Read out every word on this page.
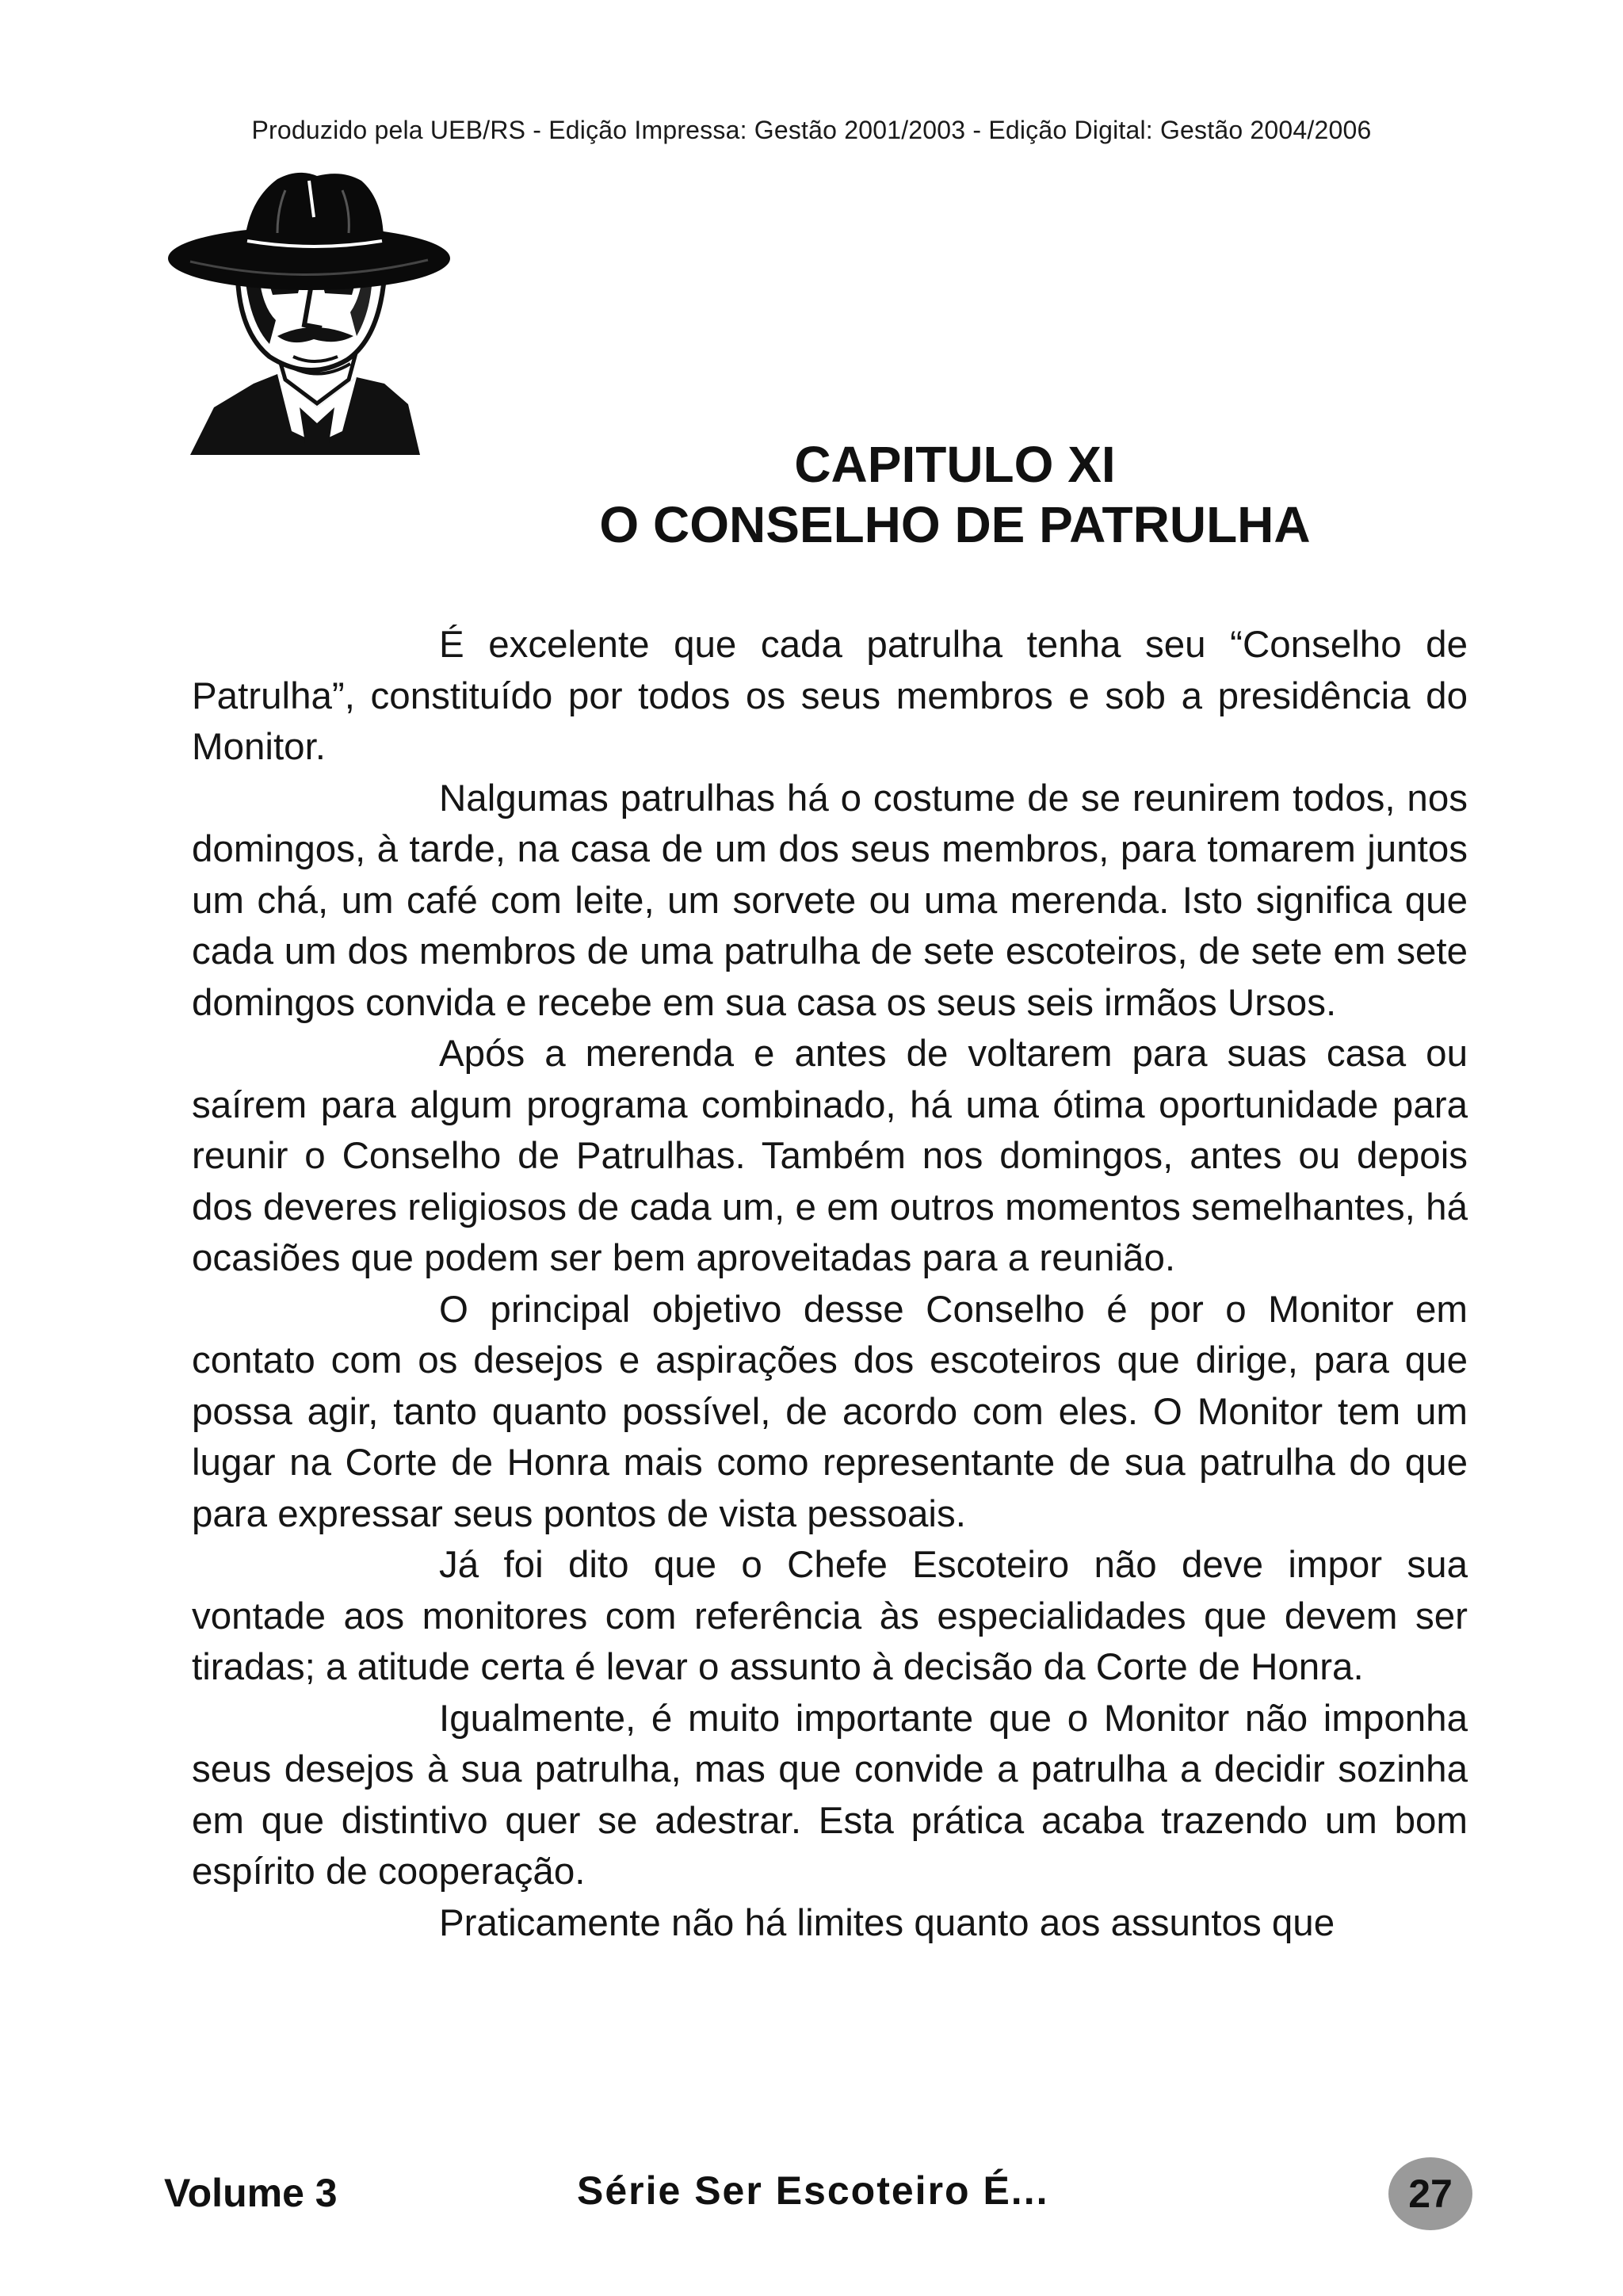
Produzido pela UEB/RS - Edição Impressa: Gestão 2001/2003 - Edição Digital: Gestão 2004/2006
CAPITULO XI
O CONSELHO DE PATRULHA

É excelente que cada patrulha tenha seu “Conselho de Patrulha”, constituído por todos os seus membros e sob a presidência do Monitor.

Nalgumas patrulhas há o costume de se reunirem todos, nos domingos, à tarde, na casa de um dos seus membros, para tomarem juntos um chá, um café com leite, um sorvete ou uma merenda. Isto significa que cada um dos membros de uma patrulha de sete escoteiros, de sete em sete domingos convida e recebe em sua casa os seus seis irmãos Ursos.

Após a merenda e antes de voltarem para suas casa ou saírem para algum programa combinado, há uma ótima oportunidade para reunir o Conselho de Patrulhas. Também nos domingos, antes ou depois dos deveres religiosos de cada um, e em outros momentos semelhantes, há ocasiões que podem ser bem aproveitadas para a reunião.

O principal objetivo desse Conselho é por o Monitor em contato com os desejos e aspirações dos escoteiros que dirige, para que possa agir, tanto quanto possível, de acordo com eles. O Monitor tem um lugar na Corte de Honra mais como representante de sua patrulha do que para expressar seus pontos de vista pessoais.

Já foi dito que o Chefe Escoteiro não deve impor sua vontade aos monitores com referência às especialidades que devem ser tiradas; a atitude certa é levar o assunto à decisão da Corte de Honra.

Igualmente, é muito importante que o Monitor não imponha seus desejos à sua patrulha, mas que convide a patrulha a decidir sozinha em que distintivo quer se adestrar. Esta prática acaba trazendo um bom espírito de cooperação.

Praticamente não há limites quanto aos assuntos que

Volume 3	Série Ser Escoteiro É...	27
